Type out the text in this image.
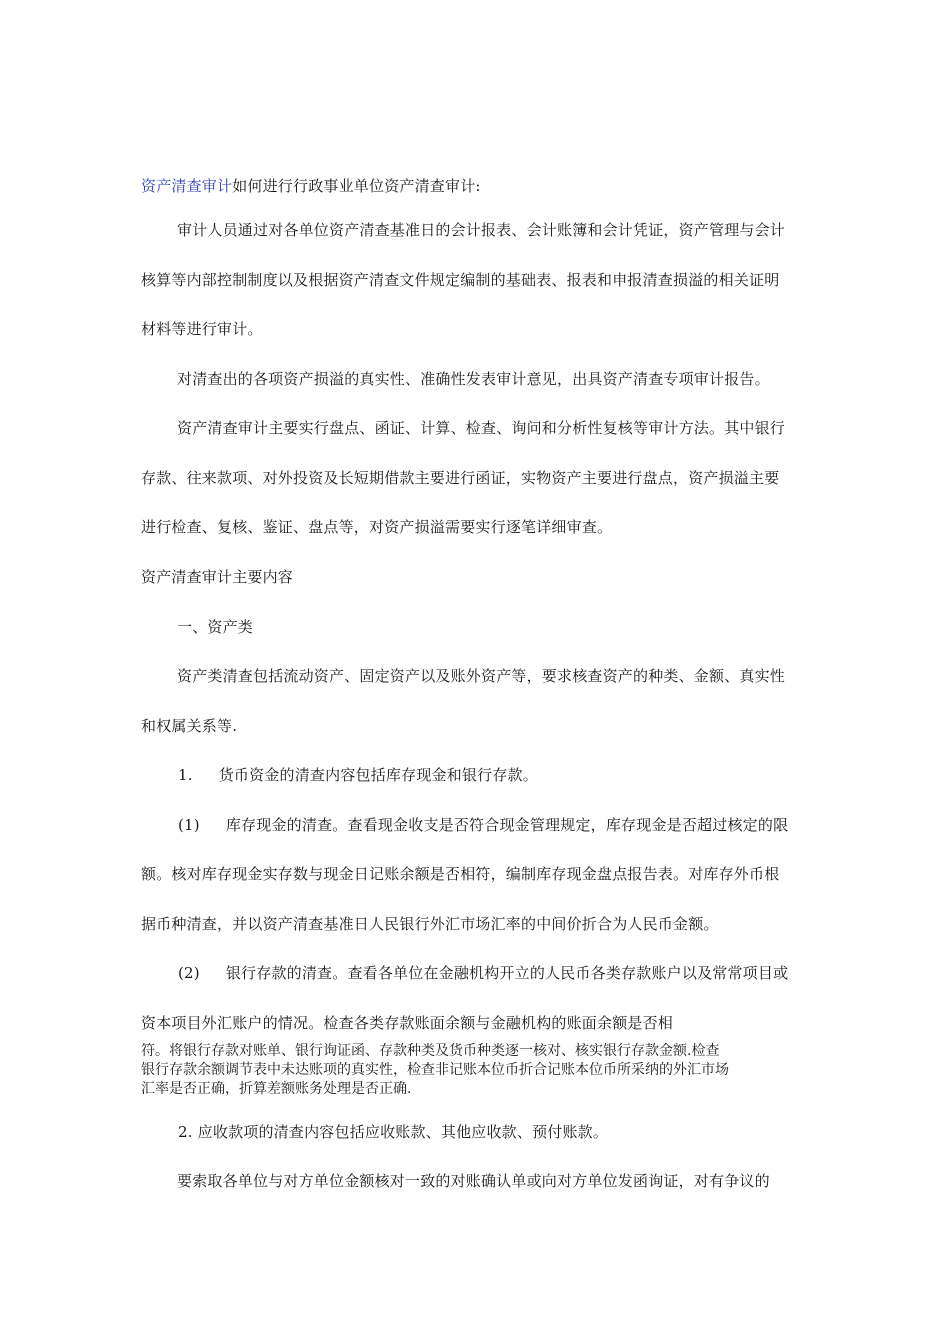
资产清查审计如何进行行政事业单位资产清查审计:
审计人员通过对各单位资产清查基准日的会计报表、会计账簿和会计凭证，资产管理与会计
核算等内部控制制度以及根据资产清查文件规定编制的基础表、报表和申报清查损溢的相关证明
材料等进行审计。
对清查出的各项资产损溢的真实性、准确性发表审计意见，出具资产清查专项审计报告。
资产清查审计主要实行盘点、函证、计算、检查、询问和分析性复核等审计方法。其中银行
存款、往来款项、对外投资及长短期借款主要进行函证，实物资产主要进行盘点，资产损溢主要
进行检查、复核、鉴证、盘点等，对资产损溢需要实行逐笔详细审查。
资产清查审计主要内容
一、资产类
资产类清查包括流动资产、固定资产以及账外资产等，要求核查资产的种类、金额、真实性
和权属关系等.
1. 货币资金的清查内容包括库存现金和银行存款。
(1) 库存现金的清查。查看现金收支是否符合现金管理规定，库存现金是否超过核定的限
额。核对库存现金实存数与现金日记账余额是否相符，编制库存现金盘点报告表。对库存外币根
据币种清查，并以资产清查基准日人民银行外汇市场汇率的中间价折合为人民币金额。
(2) 银行存款的清查。查看各单位在金融机构开立的人民币各类存款账户以及常常项目或
资本项目外汇账户的情况。检查各类存款账面余额与金融机构的账面余额是否相
符。将银行存款对账单、银行询证函、存款种类及货币种类逐一核对、核实银行存款金额.检查
银行存款余额调节表中未达账项的真实性，检查非记账本位币折合记账本位币所采纳的外汇市场
汇率是否正确，折算差额账务处理是否正确.
2. 应收款项的清查内容包括应收账款、其他应收款、预付账款。
要索取各单位与对方单位金额核对一致的对账确认单或向对方单位发函询证，对有争议的
